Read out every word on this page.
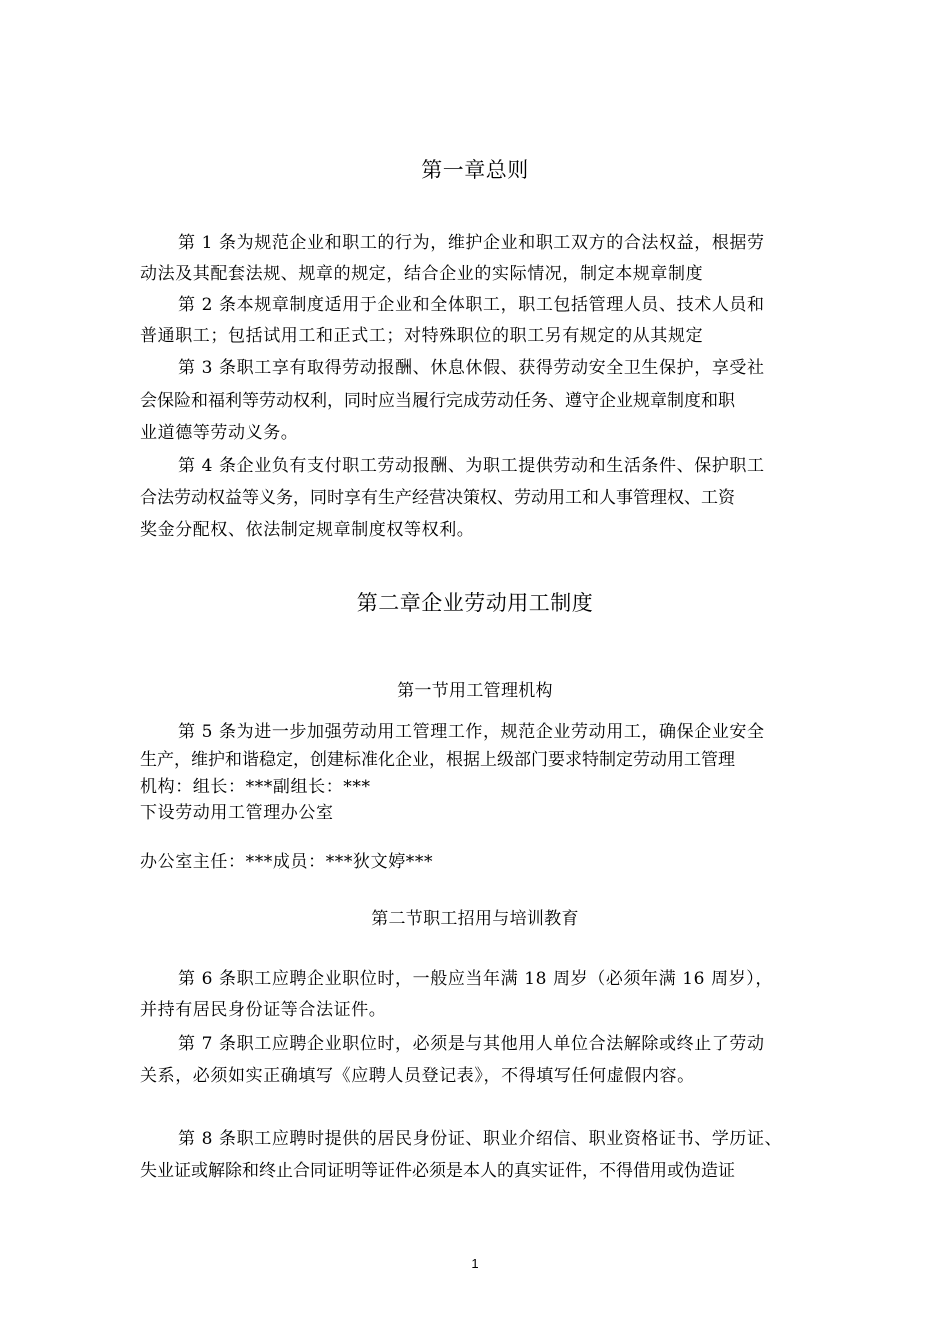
第一章总则
第 1 条为规范企业和职工的行为，维护企业和职工双方的合法权益，根据劳
动法及其配套法规、规章的规定，结合企业的实际情况，制定本规章制度
第 2 条本规章制度适用于企业和全体职工，职工包括管理人员、技术人员和
普通职工；包括试用工和正式工；对特殊职位的职工另有规定的从其规定
第 3 条职工享有取得劳动报酬、休息休假、获得劳动安全卫生保护，享受社
会保险和福利等劳动权利，同时应当履行完成劳动任务、遵守企业规章制度和职
业道德等劳动义务。
第 4 条企业负有支付职工劳动报酬、为职工提供劳动和生活条件、保护职工
合法劳动权益等义务，同时享有生产经营决策权、劳动用工和人事管理权、工资
奖金分配权、依法制定规章制度权等权利。
第二章企业劳动用工制度
第一节用工管理机构
第 5 条为进一步加强劳动用工管理工作，规范企业劳动用工，确保企业安全
生产，维护和谐稳定，创建标准化企业，根据上级部门要求特制定劳动用工管理
机构：组长：***副组长：***
下设劳动用工管理办公室
办公室主任：***成员：***狄文婷***
第二节职工招用与培训教育
第 6 条职工应聘企业职位时，一般应当年满 18 周岁（必须年满 16 周岁），
并持有居民身份证等合法证件。
第 7 条职工应聘企业职位时，必须是与其他用人单位合法解除或终止了劳动
关系，必须如实正确填写《应聘人员登记表》，不得填写任何虚假内容。
第 8 条职工应聘时提供的居民身份证、职业介绍信、职业资格证书、学历证、
失业证或解除和终止合同证明等证件必须是本人的真实证件，不得借用或伪造证
1
